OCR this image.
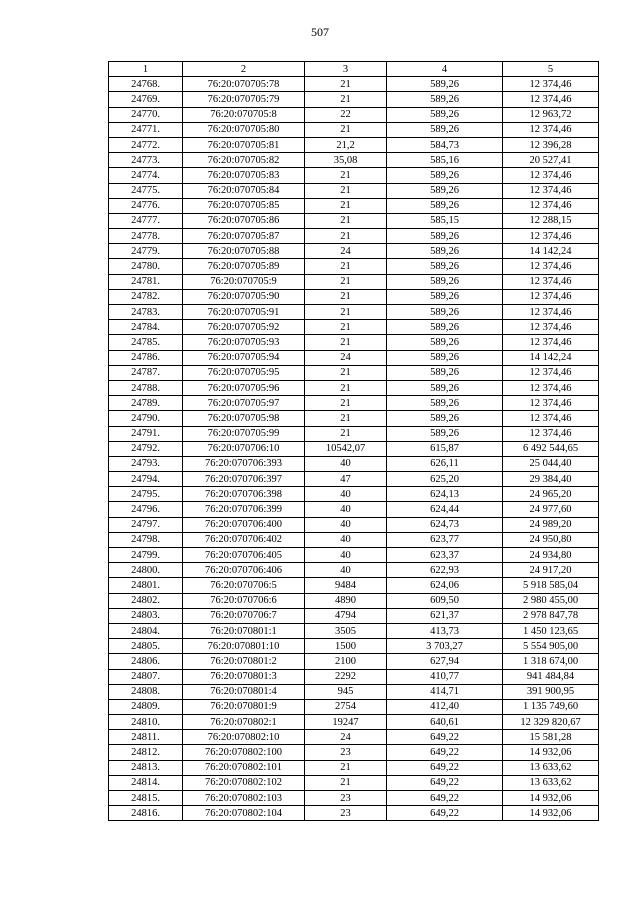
507
1	2	3	4	5
24768.	76:20:070705:78	21	589,26	12 374,46
24769.	76:20:070705:79	21	589,26	12 374,46
24770.	76:20:070705:8	22	589,26	12 963,72
24771.	76:20:070705:80	21	589,26	12 374,46
24772.	76:20:070705:81	21,2	584,73	12 396,28
24773.	76:20:070705:82	35,08	585,16	20 527,41
24774.	76:20:070705:83	21	589,26	12 374,46
24775.	76:20:070705:84	21	589,26	12 374,46
24776.	76:20:070705:85	21	589,26	12 374,46
24777.	76:20:070705:86	21	585,15	12 288,15
24778.	76:20:070705:87	21	589,26	12 374,46
24779.	76:20:070705:88	24	589,26	14 142,24
24780.	76:20:070705:89	21	589,26	12 374,46
24781.	76:20:070705:9	21	589,26	12 374,46
24782.	76:20:070705:90	21	589,26	12 374,46
24783.	76:20:070705:91	21	589,26	12 374,46
24784.	76:20:070705:92	21	589,26	12 374,46
24785.	76:20:070705:93	21	589,26	12 374,46
24786.	76:20:070705:94	24	589,26	14 142,24
24787.	76:20:070705:95	21	589,26	12 374,46
24788.	76:20:070705:96	21	589,26	12 374,46
24789.	76:20:070705:97	21	589,26	12 374,46
24790.	76:20:070705:98	21	589,26	12 374,46
24791.	76:20:070705:99	21	589,26	12 374,46
24792.	76:20:070706:10	10542,07	615,87	6 492 544,65
24793.	76:20:070706:393	40	626,11	25 044,40
24794.	76:20:070706:397	47	625,20	29 384,40
24795.	76:20:070706:398	40	624,13	24 965,20
24796.	76:20:070706:399	40	624,44	24 977,60
24797.	76:20:070706:400	40	624,73	24 989,20
24798.	76:20:070706:402	40	623,77	24 950,80
24799.	76:20:070706:405	40	623,37	24 934,80
24800.	76:20:070706:406	40	622,93	24 917,20
24801.	76:20:070706:5	9484	624,06	5 918 585,04
24802.	76:20:070706:6	4890	609,50	2 980 455,00
24803.	76:20:070706:7	4794	621,37	2 978 847,78
24804.	76:20:070801:1	3505	413,73	1 450 123,65
24805.	76:20:070801:10	1500	3 703,27	5 554 905,00
24806.	76:20:070801:2	2100	627,94	1 318 674,00
24807.	76:20:070801:3	2292	410,77	941 484,84
24808.	76:20:070801:4	945	414,71	391 900,95
24809.	76:20:070801:9	2754	412,40	1 135 749,60
24810.	76:20:070802:1	19247	640,61	12 329 820,67
24811.	76:20:070802:10	24	649,22	15 581,28
24812.	76:20:070802:100	23	649,22	14 932,06
24813.	76:20:070802:101	21	649,22	13 633,62
24814.	76:20:070802:102	21	649,22	13 633,62
24815.	76:20:070802:103	23	649,22	14 932,06
24816.	76:20:070802:104	23	649,22	14 932,06
